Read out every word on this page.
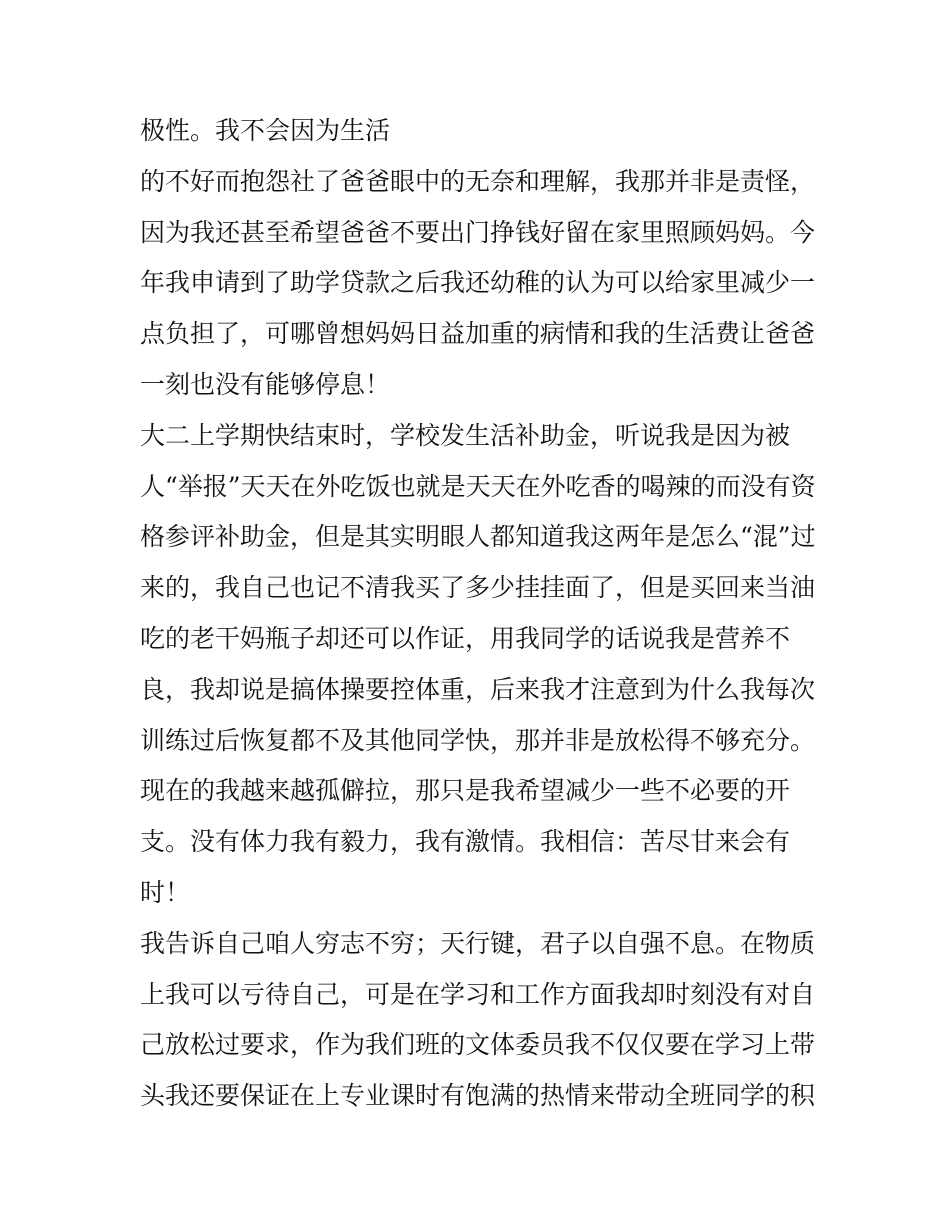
极性。我不会因为生活
的不好而抱怨社了爸爸眼中的无奈和理解，我那并非是责怪，
因为我还甚至希望爸爸不要出门挣钱好留在家里照顾妈妈。今
年我申请到了助学贷款之后我还幼稚的认为可以给家里减少一
点负担了，可哪曾想妈妈日益加重的病情和我的生活费让爸爸
一刻也没有能够停息！
大二上学期快结束时，学校发生活补助金，听说我是因为被
人“举报”天天在外吃饭也就是天天在外吃香的喝辣的而没有资
格参评补助金，但是其实明眼人都知道我这两年是怎么“混”过
来的，我自己也记不清我买了多少挂挂面了，但是买回来当油
吃的老干妈瓶子却还可以作证，用我同学的话说我是营养不
良，我却说是搞体操要控体重，后来我才注意到为什么我每次
训练过后恢复都不及其他同学快，那并非是放松得不够充分。
现在的我越来越孤僻拉，那只是我希望减少一些不必要的开
支。没有体力我有毅力，我有激情。我相信：苦尽甘来会有
时！
我告诉自己咱人穷志不穷；天行键，君子以自强不息。在物质
上我可以亏待自己，可是在学习和工作方面我却时刻没有对自
己放松过要求，作为我们班的文体委员我不仅仅要在学习上带
头我还要保证在上专业课时有饱满的热情来带动全班同学的积
